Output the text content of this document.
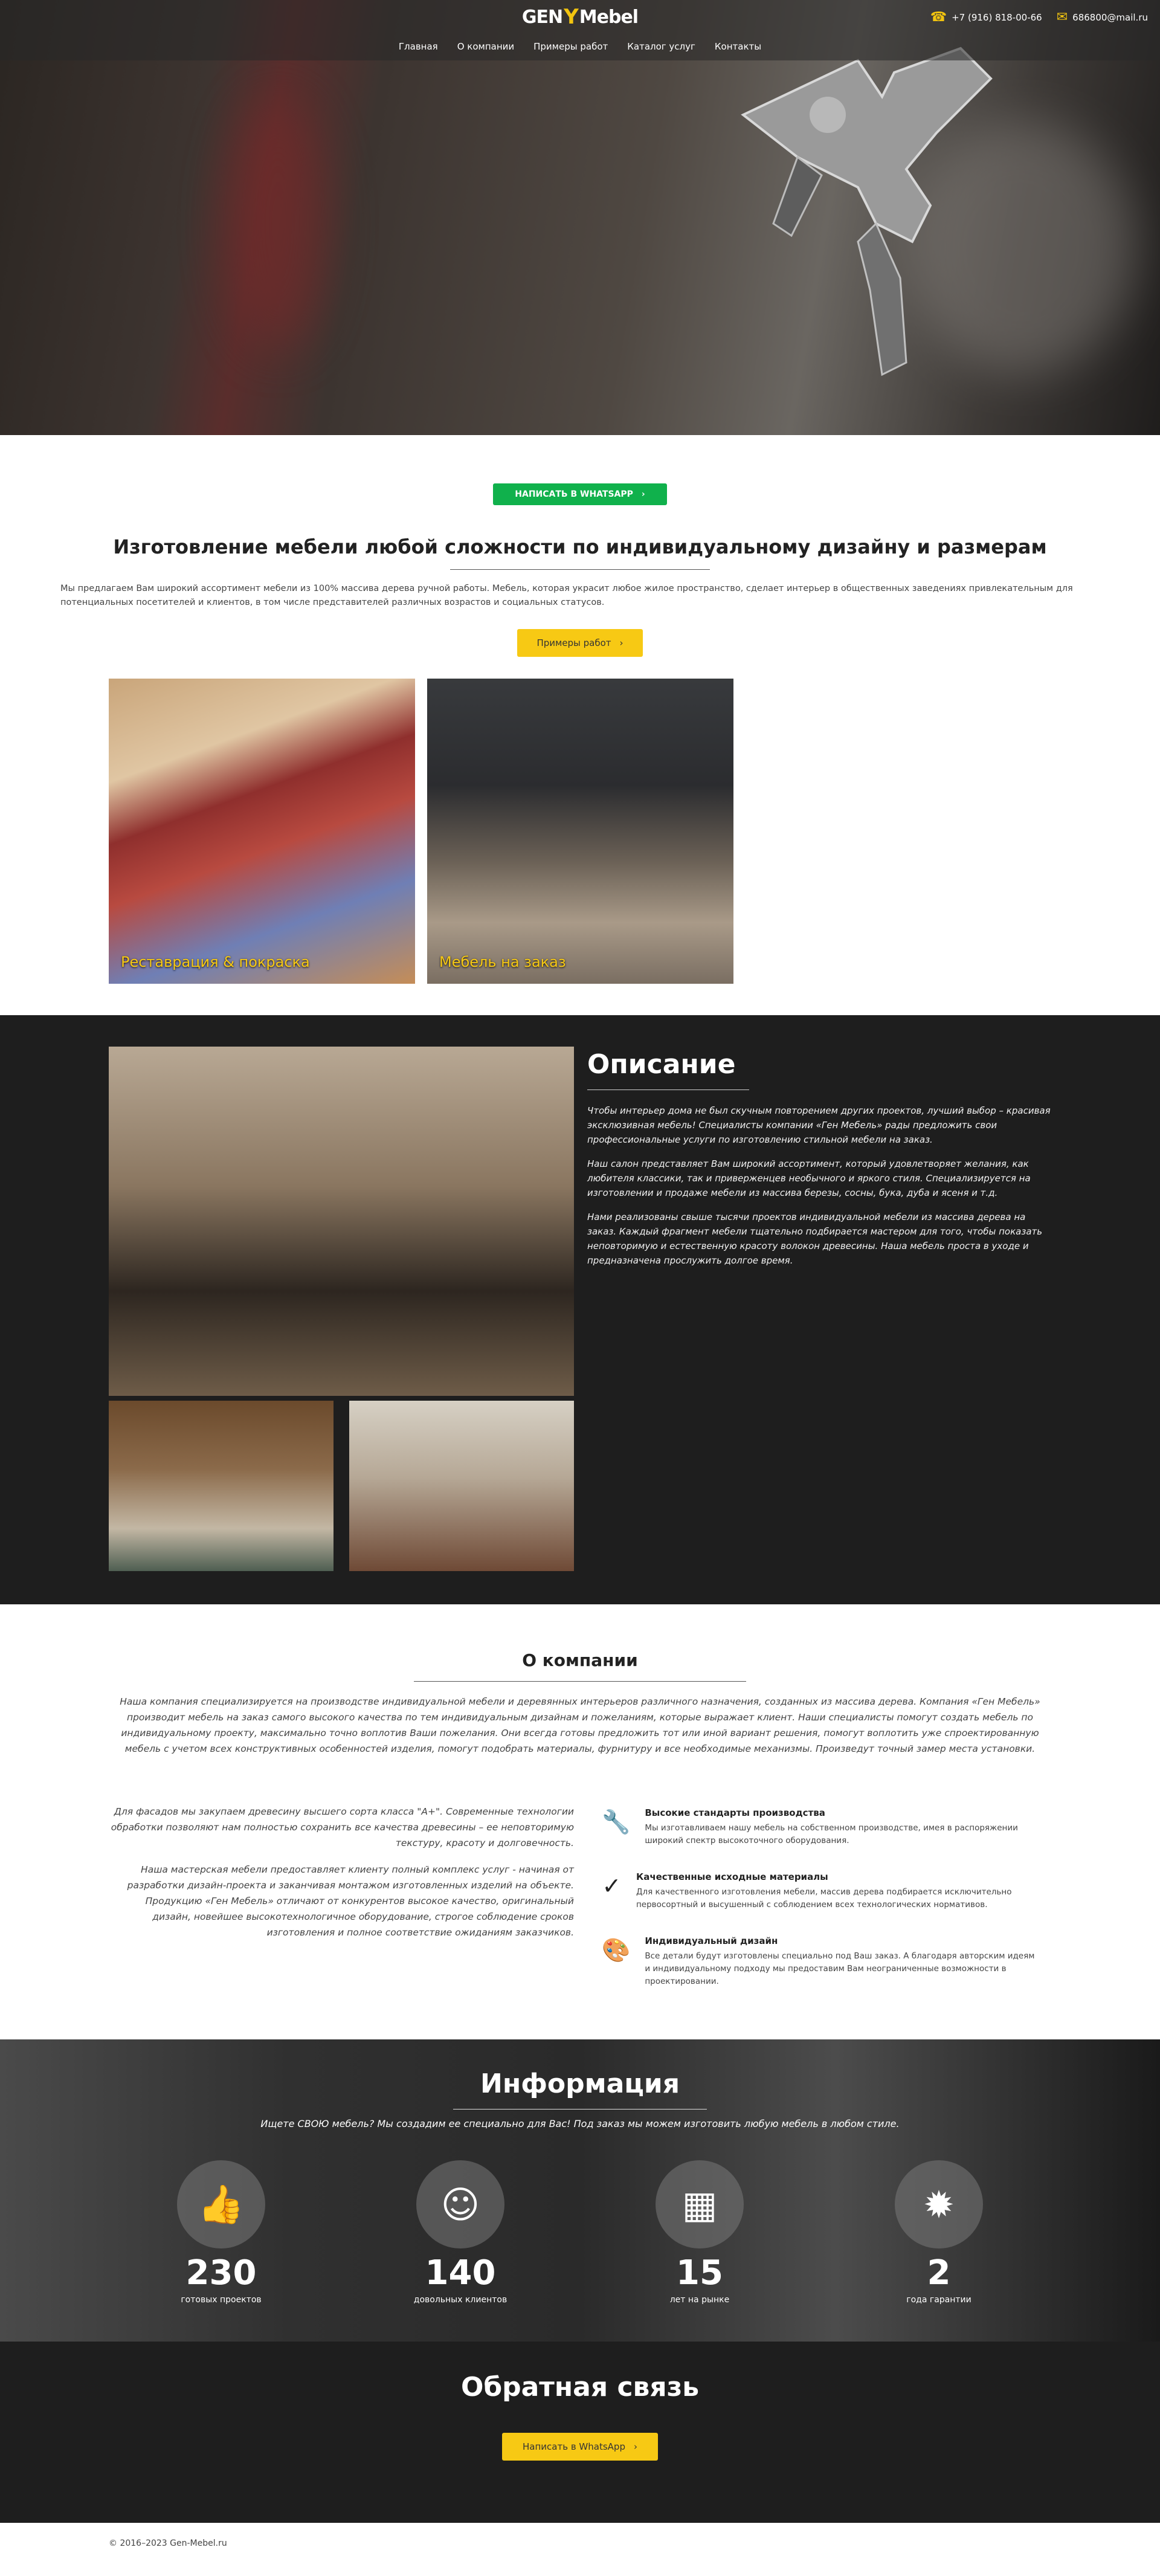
GEN Y Mebel	☎ +7 (916) 818-00-66 ✉ 686800@mail.ru
Главная О компании Примеры работ Каталог услуг Контакты
НАПИСАТЬ В WHATSAPP ›
Изготовление мебели любой сложности по индивидуальному дизайну и размерам

Мы предлагаем Вам широкий ассортимент мебели из 100% массива дерева ручной работы. Мебель, которая украсит любое жилое пространство, сделает интерьер в общественных заведениях привлекательным для потенциальных посетителей и клиентов, в том числе представителей различных возрастов и социальных статусов.

Примеры работ ›
Реставрация & покраска	Мебель на заказ
Описание

Чтобы интерьер дома не был скучным повторением других проектов, лучший выбор – красивая эксклюзивная мебель! Специалисты компании «Ген Мебель» рады предложить свои профессиональные услуги по изготовлению стильной мебели на заказ.

Наш салон представляет Вам широкий ассортимент, который удовлетворяет желания, как любителя классики, так и приверженцев необычного и яркого стиля. Специализируется на изготовлении и продаже мебели из массива березы, сосны, бука, дуба и ясеня и т.д.

Нами реализованы свыше тысячи проектов индивидуальной мебели из массива дерева на заказ. Каждый фрагмент мебели тщательно подбирается мастером для того, чтобы показать неповторимую и естественную красоту волокон древесины. Наша мебель проста в уходе и предназначена прослужить долгое время.

О компании

Наша компания специализируется на производстве индивидуальной мебели и деревянных интерьеров различного назначения, созданных из массива дерева. Компания «Ген Мебель» производит мебель на заказ самого высокого качества по тем индивидуальным дизайнам и пожеланиям, которые выражает клиент. Наши специалисты помогут создать мебель по индивидуальному проекту, максимально точно воплотив Ваши пожелания. Они всегда готовы предложить тот или иной вариант решения, помогут воплотить уже спроектированную мебель с учетом всех конструктивных особенностей изделия, помогут подобрать материалы, фурнитуру и все необходимые механизмы. Произведут точный замер места установки.

Для фасадов мы закупаем древесину высшего сорта класса "А+". Современные технологии обработки позволяют нам полностью сохранить все качества древесины – ее неповторимую текстуру, красоту и долговечность.

Наша мастерская мебели предоставляет клиенту полный комплекс услуг - начиная от разработки дизайн-проекта и заканчивая монтажом изготовленных изделий на объекте. Продукцию «Ген Мебель» отличают от конкурентов высокое качество, оригинальный дизайн, новейшее высокотехнологичное оборудование, строгое соблюдение сроков изготовления и полное соответствие ожиданиям заказчиков.

🔧 Высокие стандарты производства

Мы изготавливаем нашу мебель на собственном производстве, имея в распоряжении широкий спектр высокоточного оборудования.

✓ Качественные исходные материалы

Для качественного изготовления мебели, массив дерева подбирается исключительно первосортный и высушенный с соблюдением всех технологических нормативов.

🎨 Индивидуальный дизайн

Все детали будут изготовлены специально под Ваш заказ. А благодаря авторским идеям и индивидуальному подходу мы предоставим Вам неограниченные возможности в проектировании.

Информация

Ищете СВОЮ мебель? Мы создадим ее специально для Вас! Под заказ мы можем изготовить любую мебель в любом стиле.

👍
230
готовых проектов
☺
140
довольных клиентов
▦
15
лет на рынке
✹
2
года гарантии
Обратная связь
Написать в WhatsApp ›
© 2016–2023 Gen-Mebel.ru
